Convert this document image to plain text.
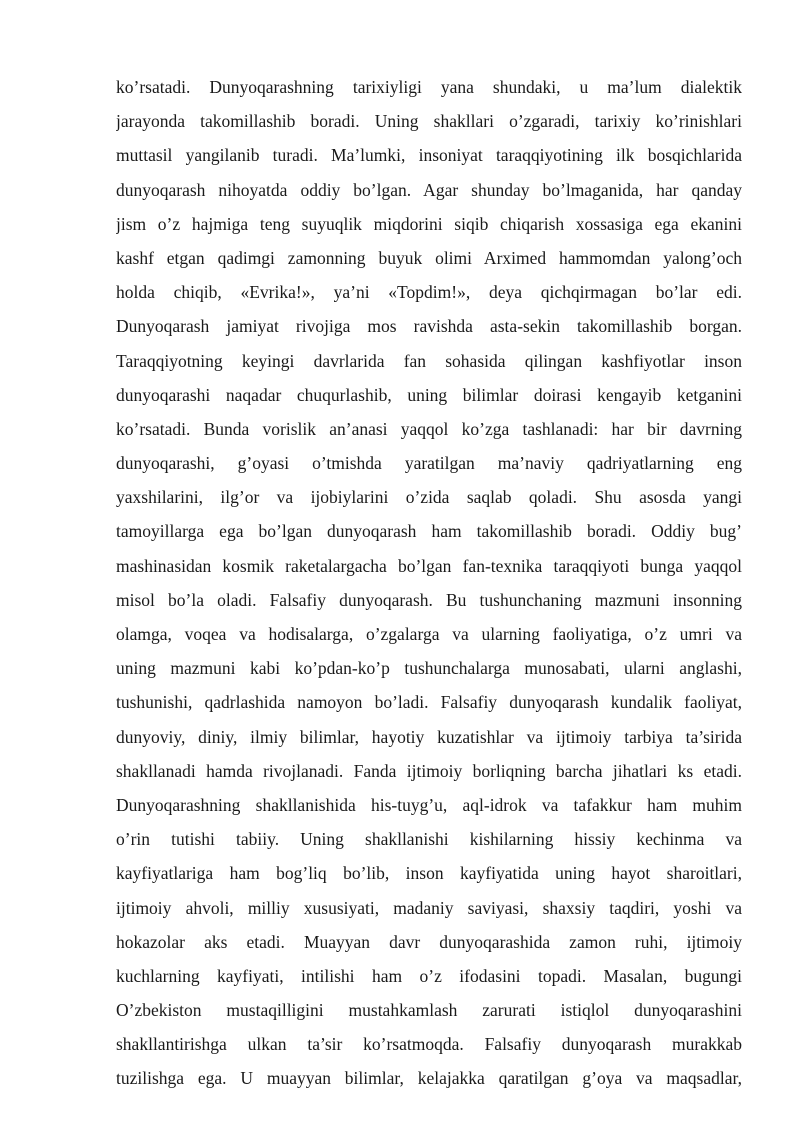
ko’rsatadi. Dunyoqarashning tarixiyligi yana shundaki, u ma’lum dialektik
jarayonda takomillashib boradi. Uning shakllari o’zgaradi, tarixiy ko’rinishlari
muttasil yangilanib turadi. Ma’lumki, insoniyat taraqqiyotining ilk bosqichlarida
dunyoqarash nihoyatda oddiy bo’lgan. Agar shunday bo’lmaganida, har qanday
jism o’z hajmiga teng suyuqlik miqdorini siqib chiqarish xossasiga ega ekanini
kashf etgan qadimgi zamonning buyuk olimi Arximed hammomdan yalong’och
holda chiqib, «Evrika!», ya’ni «Topdim!», deya qichqirmagan bo’lar edi.
Dunyoqarash jamiyat rivojiga mos ravishda asta-sekin takomillashib borgan.
Taraqqiyotning keyingi davrlarida fan sohasida qilingan kashfiyotlar inson
dunyoqarashi naqadar chuqurlashib, uning bilimlar doirasi kengayib ketganini
ko’rsatadi. Bunda vorislik an’anasi yaqqol ko’zga tashlanadi: har bir davrning
dunyoqarashi, g’oyasi o’tmishda yaratilgan ma’naviy qadriyatlarning eng
yaxshilarini, ilg’or va ijobiylarini o’zida saqlab qoladi. Shu asosda yangi
tamoyillarga ega bo’lgan dunyoqarash ham takomillashib boradi. Oddiy bug’
mashinasidan kosmik raketalargacha bo’lgan fan-texnika taraqqiyoti bunga yaqqol
misol bo’la oladi. Falsafiy dunyoqarash. Bu tushunchaning mazmuni insonning
olamga, voqea va hodisalarga, o’zgalarga va ularning faoliyatiga, o’z umri va
uning mazmuni kabi ko’pdan-ko’p tushunchalarga munosabati, ularni anglashi,
tushunishi, qadrlashida namoyon bo’ladi. Falsafiy dunyoqarash kundalik faoliyat,
dunyoviy, diniy, ilmiy bilimlar, hayotiy kuzatishlar va ijtimoiy tarbiya ta’sirida
shakllanadi hamda rivojlanadi. Fanda ijtimoiy borliqning barcha jihatlari ks etadi.
Dunyoqarashning shakllanishida his-tuyg’u, aql-idrok va tafakkur ham muhim
o’rin tutishi tabiiy. Uning shakllanishi kishilarning hissiy kechinma va
kayfiyatlariga ham bog’liq bo’lib, inson kayfiyatida uning hayot sharoitlari,
ijtimoiy ahvoli, milliy xususiyati, madaniy saviyasi, shaxsiy taqdiri, yoshi va
hokazolar aks etadi. Muayyan davr dunyoqarashida zamon ruhi, ijtimoiy
kuchlarning kayfiyati, intilishi ham o’z ifodasini topadi. Masalan, bugungi
O’zbekiston mustaqilligini mustahkamlash zarurati istiqlol dunyoqarashini
shakllantirishga ulkan ta’sir ko’rsatmoqda. Falsafiy dunyoqarash murakkab
tuzilishga ega. U muayyan bilimlar, kelajakka qaratilgan g’oya va maqsadlar,
